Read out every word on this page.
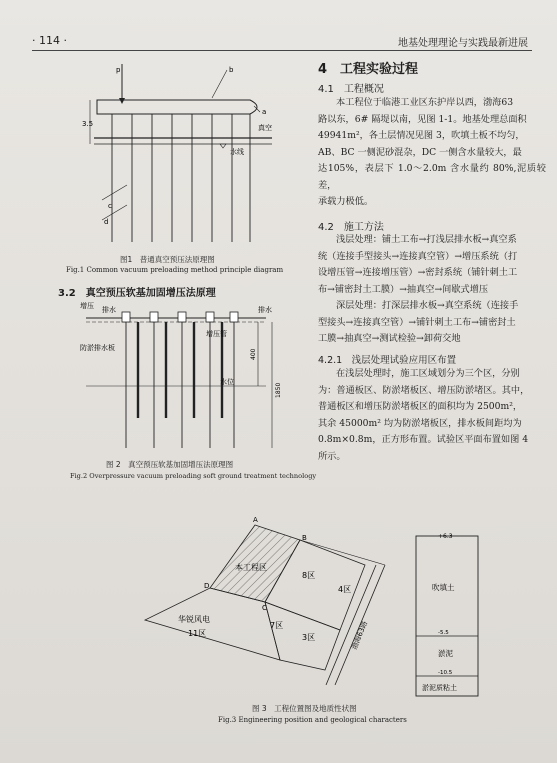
· 114 ·	地基处理理论与实践最新进展
p	b
a
真空
3.5
水线
c
d
图1　普通真空预压法原理图
Fig.1 Common vacuum preloading method principle diagram
3.2　真空预压软基加固增压法原理
增压 排水	排水
增压管
防淤排水板
水位
400
1850
图 2　真空预压软基加固增压法原理图
Fig.2 Overpressure vacuum preloading soft ground treatment technology
4　工程实验过程
4.1　工程概况
本工程位于临港工业区东护岸以西，渤海63
路以东，6# 隔堤以南，见图 1-1。地基处理总面积
49941m²，各土层情况见图 3，吹填土板不均匀，
AB、BC 一侧泥砂混杂，DC 一侧含水量较大，最
达105%，表层下 1.0～2.0m 含水量约 80%,泥质较差，
承载力极低。
4.2　施工方法
浅层处理：铺土工布→打浅层排水板→真空系
统（连接手型接头→连接真空管）→增压系统（打
设增压管→连接增压管）→密封系统（铺针刺土工
布→铺密封土工膜）→抽真空→间歇式增压
深层处理：打深层排水板→真空系统（连接手
型接头→连接真空管）→铺针刺土工布→铺密封土
工膜→抽真空→测试检验→卸荷交地
4.2.1　浅层处理试验应用区布置
在浅层处理时，施工区域划分为三个区，分别
为：普通板区、防淤堵板区、增压防淤堵区。其中，
普通板区和增压防淤堵板区的面积均为 2500m²，
其余 45000m² 均为防淤堵板区，排水板间距均为
0.8m×0.8m，正方形布置。试验区平面布置如图 4
所示。
A
B
C
D
本工程区
8区
4区
7区
3区
华锐风电
11区	渤海63路
+6.3
-5.5
-10.5
吹填土
淤泥
淤泥质粘土
图 3　工程位置图及地质性状图
Fig.3 Engineering position and geological characters
